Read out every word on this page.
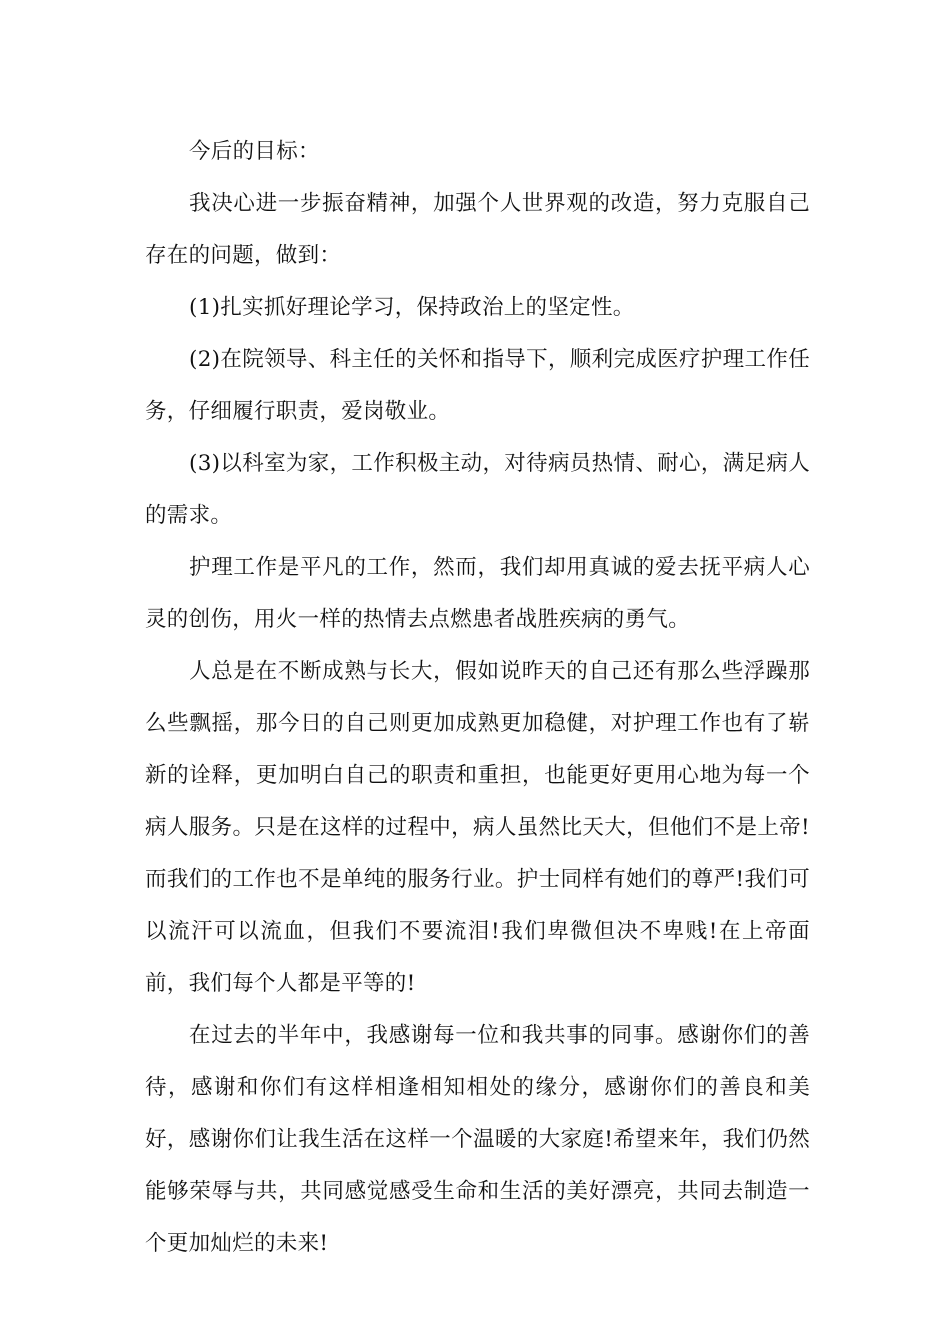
今后的目标：

我决心进一步振奋精神，加强个人世界观的改造，努力克服自己存在的问题，做到：

(1)扎实抓好理论学习，保持政治上的坚定性。

(2)在院领导、科主任的关怀和指导下，顺利完成医疗护理工作任务，仔细履行职责，爱岗敬业。

(3)以科室为家，工作积极主动，对待病员热情、耐心，满足病人的需求。

护理工作是平凡的工作，然而，我们却用真诚的爱去抚平病人心灵的创伤，用火一样的热情去点燃患者战胜疾病的勇气。

人总是在不断成熟与长大，假如说昨天的自己还有那么些浮躁那么些飘摇，那今日的自己则更加成熟更加稳健，对护理工作也有了崭新的诠释，更加明白自己的职责和重担，也能更好更用心地为每一个病人服务。只是在这样的过程中，病人虽然比天大，但他们不是上帝!而我们的工作也不是单纯的服务行业。护士同样有她们的尊严!我们可以流汗可以流血，但我们不要流泪!我们卑微但决不卑贱!在上帝面前，我们每个人都是平等的!

在过去的半年中，我感谢每一位和我共事的同事。感谢你们的善待，感谢和你们有这样相逢相知相处的缘分，感谢你们的善良和美好，感谢你们让我生活在这样一个温暖的大家庭!希望来年，我们仍然能够荣辱与共，共同感觉感受生命和生活的美好漂亮，共同去制造一个更加灿烂的未来!
